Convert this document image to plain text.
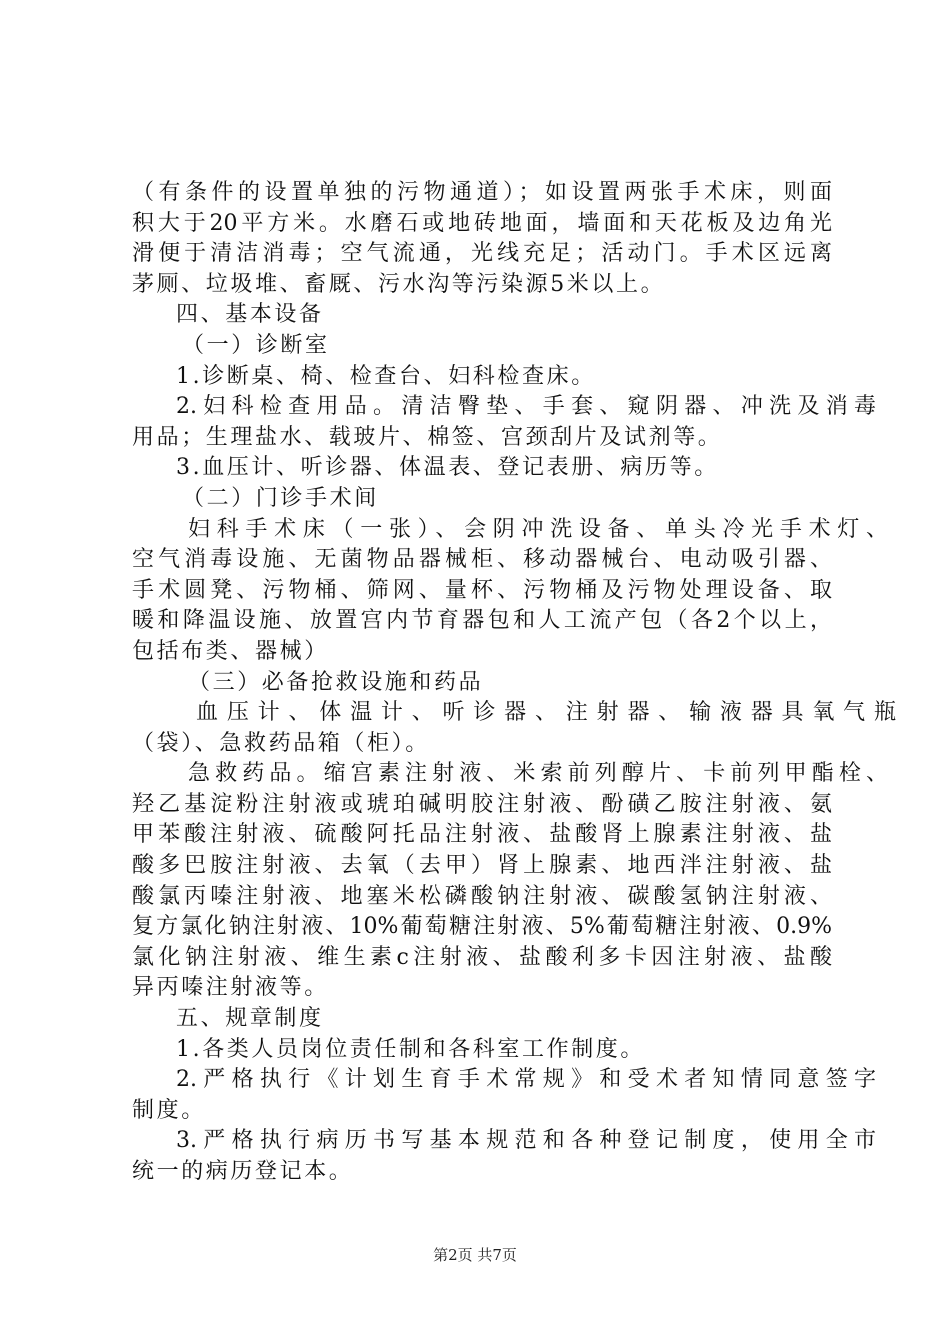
（有条件的设置单独的污物通道）；如设置两张手术床，则面
积大于20平方米。水磨石或地砖地面，墙面和天花板及边角光
滑便于清洁消毒；空气流通，光线充足；活动门。手术区远离
茅厕、垃圾堆、畜厩、污水沟等污染源5米以上。
四、基本设备
（一）诊断室
1.诊断桌、椅、检查台、妇科检查床。
2.妇科检查用品。清洁臀垫、手套、窥阴器、冲洗及消毒
用品；生理盐水、载玻片、棉签、宫颈刮片及试剂等。
3.血压计、听诊器、体温表、登记表册、病历等。
（二）门诊手术间
妇科手术床（一张）、会阴冲洗设备、单头冷光手术灯、
空气消毒设施、无菌物品器械柜、移动器械台、电动吸引器、
手术圆凳、污物桶、筛网、量杯、污物桶及污物处理设备、取
暖和降温设施、放置宫内节育器包和人工流产包（各2个以上，
包括布类、器械）
（三）必备抢救设施和药品
血压计、体温计、听诊器、注射器、输液器具氧气瓶
（袋）、急救药品箱（柜）。
急救药品。缩宫素注射液、米索前列醇片、卡前列甲酯栓、
羟乙基淀粉注射液或琥珀碱明胶注射液、酚磺乙胺注射液、氨
甲苯酸注射液、硫酸阿托品注射液、盐酸肾上腺素注射液、盐
酸多巴胺注射液、去氧（去甲）肾上腺素、地西泮注射液、盐
酸氯丙嗪注射液、地塞米松磷酸钠注射液、碳酸氢钠注射液、
复方氯化钠注射液、10%葡萄糖注射液、5%葡萄糖注射液、0.9%
氯化钠注射液、维生素c注射液、盐酸利多卡因注射液、盐酸
异丙嗪注射液等。
五、规章制度
1.各类人员岗位责任制和各科室工作制度。
2.严格执行《计划生育手术常规》和受术者知情同意签字
制度。
3.严格执行病历书写基本规范和各种登记制度，使用全市
统一的病历登记本。
第2页 共7页
